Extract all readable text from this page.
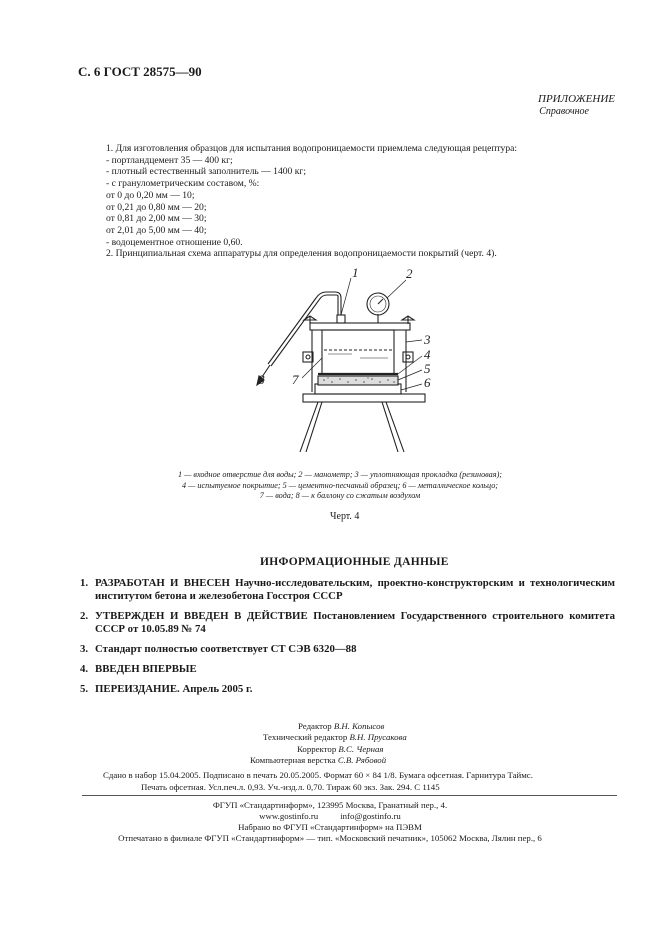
С. 6 ГОСТ 28575—90
ПРИЛОЖЕНИЕ
Справочное
1. Для изготовления образцов для испытания водопроницаемости приемлема следующая рецептура:
- портландцемент 35 — 400 кг;
- плотный естественный заполнитель — 1400 кг;
- с гранулометрическим составом, %:
от 0 до 0,20 мм — 10;
от 0,21 до 0,80 мм — 20;
от 0,81 до 2,00 мм — 30;
от 2,01 до 5,00 мм — 40;
- водоцементное отношение 0,60.
2. Принципиальная схема аппаратуры для определения водопроницаемости покрытий (черт. 4).
1	2
3
4
5
6
7
8
1 — входное отверстие для воды; 2 — манометр; 3 — уплотняющая прокладка (резиновая);
4 — испытуемое покрытие; 5 — цементно-песчаный образец; 6 — металлическое кольцо;
7 — вода; 8 — к баллону со сжатым воздухом
Черт. 4
ИНФОРМАЦИОННЫЕ ДАННЫЕ
1. РАЗРАБОТАН И ВНЕСЕН Научно-исследовательским, проектно-конструкторским и технологическим институтом бетона и железобетона Госстроя СССР
2. УТВЕРЖДЕН И ВВЕДЕН В ДЕЙСТВИЕ Постановлением Государственного строительного комитета СССР от 10.05.89 № 74
3. Стандарт полностью соответствует СТ СЭВ 6320—88
4. ВВЕДЕН ВПЕРВЫЕ
5. ПЕРЕИЗДАНИЕ. Апрель 2005 г.
Редактор В.Н. Копысов
Технический редактор В.Н. Прусакова
Корректор В.С. Черная
Компьютерная верстка С.В. Рябовой
Сдано в набор 15.04.2005. Подписано в печать 20.05.2005. Формат 60 × 84 1/8. Бумага офсетная. Гарнитура Таймс.
Печать офсетная. Усл.печ.л. 0,93. Уч.-изд.л. 0,70. Тираж 60 экз. Зак. 294. С 1145
ФГУП «Стандартинформ», 123995 Москва, Гранатный пер., 4.
www.gostinfo.ru          info@gostinfo.ru
Набрано во ФГУП «Стандартинформ» на ПЭВМ
Отпечатано в филиале ФГУП «Стандартинформ» — тип. «Московский печатник», 105062 Москва, Лялин пер., 6
